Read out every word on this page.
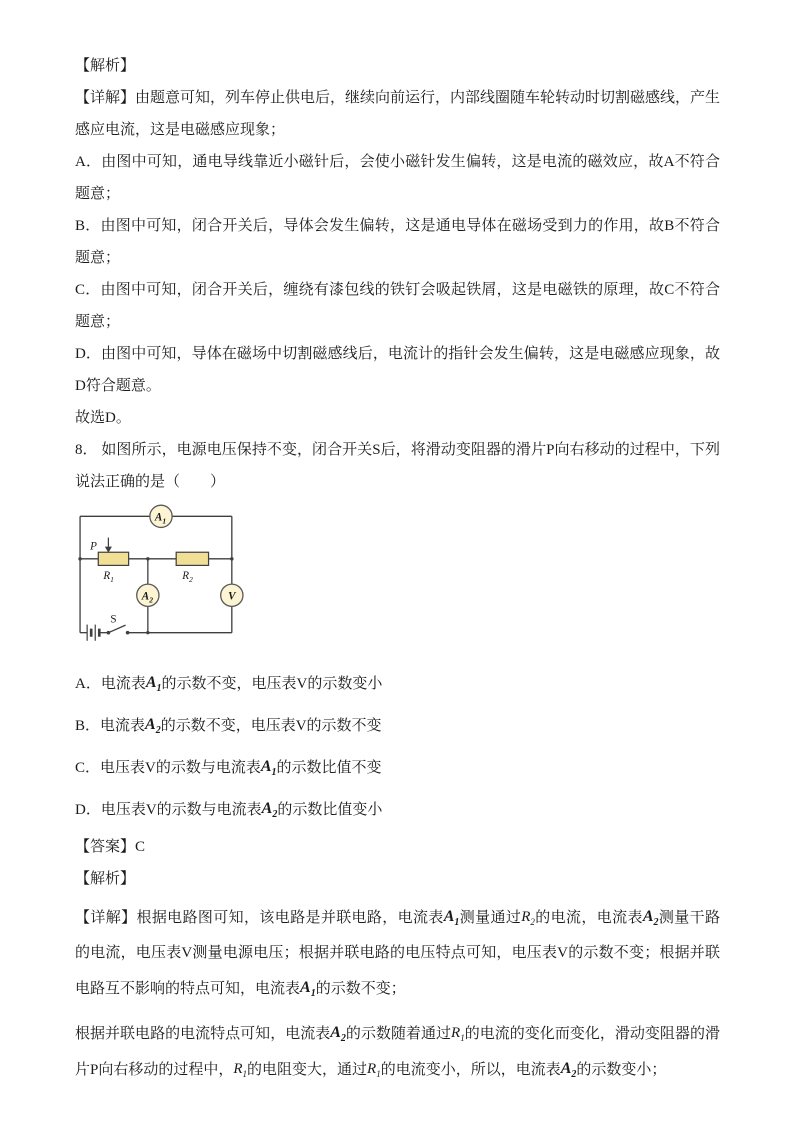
【解析】
【详解】由题意可知，列车停止供电后，继续向前运行，内部线圈随车轮转动时切割磁感线，产生感应电流，这是电磁感应现象；
A．由图中可知，通电导线靠近小磁针后，会使小磁针发生偏转，这是电流的磁效应，故A不符合题意；
B．由图中可知，闭合开关后，导体会发生偏转，这是通电导体在磁场受到力的作用，故B不符合题意；
C．由图中可知，闭合开关后，缠绕有漆包线的铁钉会吸起铁屑，这是电磁铁的原理，故C不符合题意；
D．由图中可知，导体在磁场中切割磁感线后，电流计的指针会发生偏转，这是电磁感应现象，故D符合题意。
故选D。
8． 如图所示，电源电压保持不变，闭合开关S后，将滑动变阻器的滑片P向右移动的过程中，下列说法正确的是（　　）
S
P
$R_1$	$R_2$
$A_1$
$A_2$	V
A．电流表$A_1$的示数不变，电压表V的示数变小
B．电流表$A_2$的示数不变，电压表V的示数不变
C．电压表V的示数与电流表$A_1$的示数比值不变
D．电压表V的示数与电流表$A_2$的示数比值变小
【答案】C
【解析】
【详解】根据电路图可知，该电路是并联电路，电流表$A_1$测量通过$R_2$的电流，电流表$A_2$测量干路的电流，电压表V测量电源电压；根据并联电路的电压特点可知，电压表V的示数不变；根据并联电路互不影响的特点可知，电流表$A_1$的示数不变；
根据并联电路的电流特点可知，电流表$A_2$的示数随着通过$R_1$的电流的变化而变化，滑动变阻器的滑片P向右移动的过程中，$R_1$的电阻变大，通过$R_1$的电流变小，所以，电流表$A_2$的示数变小；
